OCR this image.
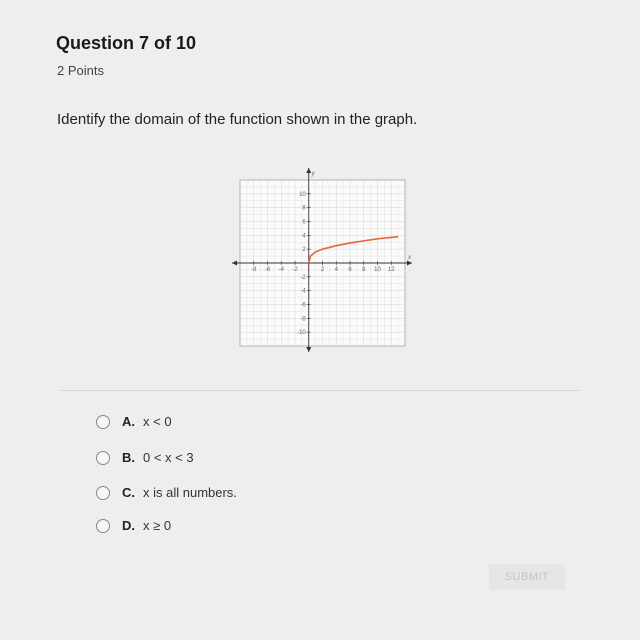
Question 7 of 10
2 Points
Identify the domain of the function shown in the graph.
x
y
-8 -6 -4 -2	2 4 6 8 10 12
10
8
6
4
2
-2
-4
-6
-8
-10
A. x < 0
B. 0 < x < 3
C. x is all numbers.
D. x ≥ 0
SUBMIT
